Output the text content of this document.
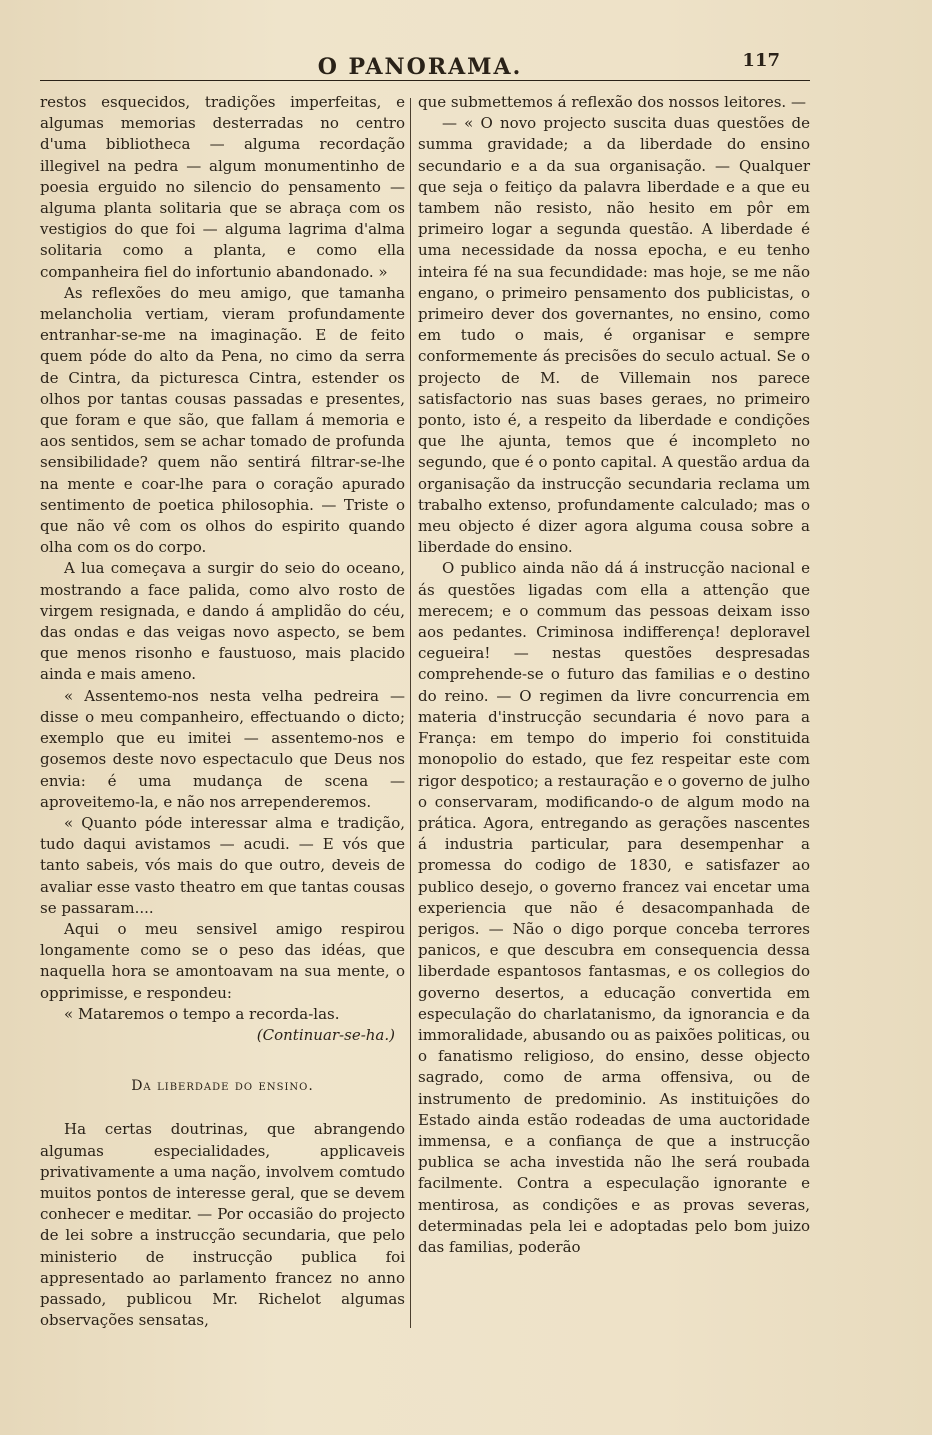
O PANORAMA.	117

restos esquecidos, tradições imperfeitas, e algumas memorias desterradas no centro d'uma bibliotheca — alguma recordação illegivel na pedra — algum monumentinho de poesia erguido no silencio do pensamento — alguma planta solitaria que se abraça com os vestigios do que foi — alguma lagrima d'alma solitaria como a planta, e como ella companheira fiel do infortunio abandonado. »

As reflexões do meu amigo, que tamanha melancholia vertiam, vieram profundamente entranhar-se-me na imaginação. E de feito quem póde do alto da Pena, no cimo da serra de Cintra, da picturesca Cintra, estender os olhos por tantas cousas passadas e presentes, que foram e que são, que fallam á memoria e aos sentidos, sem se achar tomado de profunda sensibilidade? quem não sentirá filtrar-se-lhe na mente e coar-lhe para o coração apurado sentimento de poetica philosophia. — Triste o que não vê com os olhos do espirito quando olha com os do corpo.

A lua começava a surgir do seio do oceano, mostrando a face palida, como alvo rosto de virgem resignada, e dando á amplidão do céu, das ondas e das veigas novo aspecto, se bem que menos risonho e faustuoso, mais placido ainda e mais ameno.

« Assentemo-nos nesta velha pedreira — disse o meu companheiro, effectuando o dicto; exemplo que eu imitei — assentemo-nos e gosemos deste novo espectaculo que Deus nos envia: é uma mudança de scena — aproveitemo-la, e não nos arrependeremos.

« Quanto póde interessar alma e tradição, tudo daqui avistamos — acudi. — E vós que tanto sabeis, vós mais do que outro, deveis de avaliar esse vasto theatro em que tantas cousas se passaram....

Aqui o meu sensivel amigo respirou longamente como se o peso das idéas, que naquella hora se amontoavam na sua mente, o opprimisse, e respondeu:

« Mataremos o tempo a recorda-las.

(Continuar-se-ha.)

Da liberdade do ensino.

Ha certas doutrinas, que abrangendo algumas especialidades, applicaveis privativamente a uma nação, involvem comtudo muitos pontos de interesse geral, que se devem conhecer e meditar. — Por occasião do projecto de lei sobre a instrucção secundaria, que pelo ministerio de instrucção publica foi appresentado ao parlamento francez no anno passado, publicou Mr. Richelot algumas observações sensatas,

que submettemos á reflexão dos nossos leitores. —

— « O novo projecto suscita duas questões de summa gravidade; a da liberdade do ensino secundario e a da sua organisação. — Qualquer que seja o feitiço da palavra liberdade e a que eu tambem não resisto, não hesito em pôr em primeiro logar a segunda questão. A liberdade é uma necessidade da nossa epocha, e eu tenho inteira fé na sua fecundidade: mas hoje, se me não engano, o primeiro pensamento dos publicistas, o primeiro dever dos governantes, no ensino, como em tudo o mais, é organisar e sempre conformemente ás precisões do seculo actual. Se o projecto de M. de Villemain nos parece satisfactorio nas suas bases geraes, no primeiro ponto, isto é, a respeito da liberdade e condições que lhe ajunta, temos que é incompleto no segundo, que é o ponto capital. A questão ardua da organisação da instrucção secundaria reclama um trabalho extenso, profundamente calculado; mas o meu objecto é dizer agora alguma cousa sobre a liberdade do ensino.

O publico ainda não dá á instrucção nacional e ás questões ligadas com ella a attenção que merecem; e o commum das pessoas deixam isso aos pedantes. Criminosa indifferença! deploravel cegueira! — nestas questões despresadas comprehende-se o futuro das familias e o destino do reino. — O regimen da livre concurrencia em materia d'instrucção secundaria é novo para a França: em tempo do imperio foi constituida monopolio do estado, que fez respeitar este com rigor despotico; a restauração e o governo de julho o conservaram, modificando-o de algum modo na prática. Agora, entregando as gerações nascentes á industria particular, para desempenhar a promessa do codigo de 1830, e satisfazer ao publico desejo, o governo francez vai encetar uma experiencia que não é desacompanhada de perigos. — Não o digo porque conceba terrores panicos, e que descubra em consequencia dessa liberdade espantosos fantasmas, e os collegios do governo desertos, a educação convertida em especulação do charlatanismo, da ignorancia e da immoralidade, abusando ou as paixões politicas, ou o fanatismo religioso, do ensino, desse objecto sagrado, como de arma offensiva, ou de instrumento de predominio. As instituições do Estado ainda estão rodeadas de uma auctoridade immensa, e a confiança de que a instrucção publica se acha investida não lhe será roubada facilmente. Contra a especulação ignorante e mentirosa, as condições e as provas severas, determinadas pela lei e adoptadas pelo bom juizo das familias, poderão
